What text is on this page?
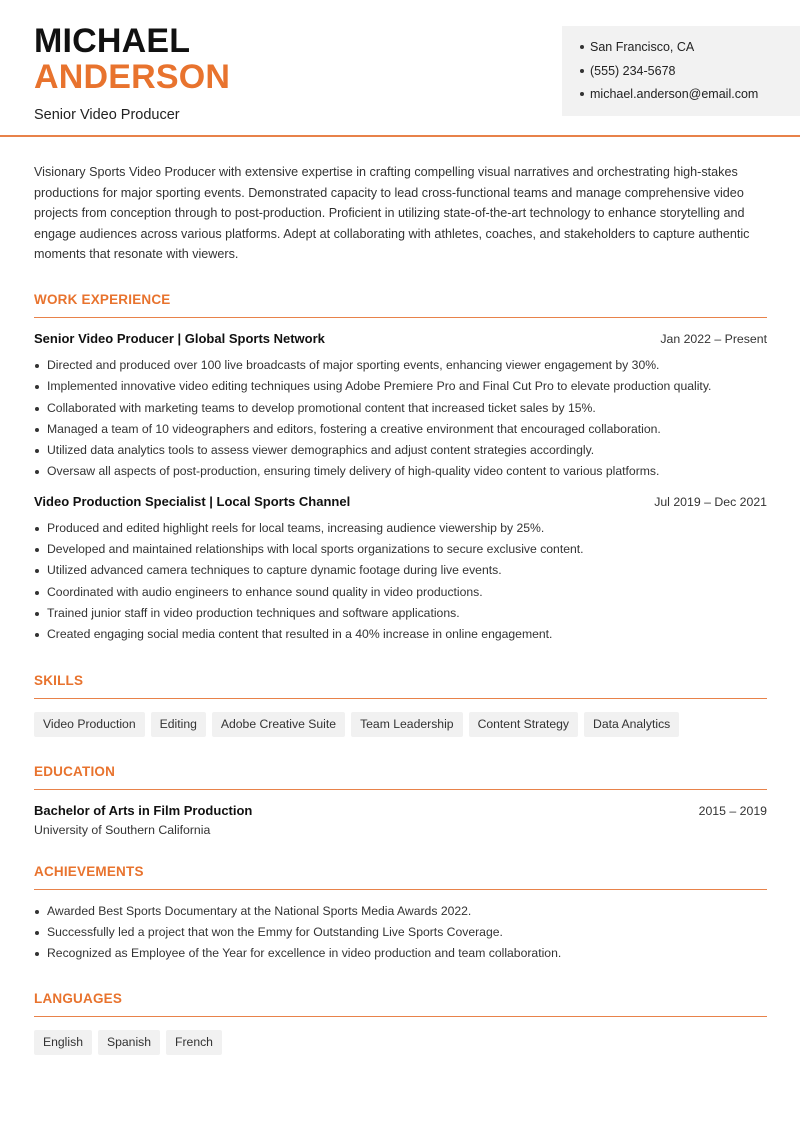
MICHAEL
ANDERSON
Senior Video Producer
San Francisco, CA
(555) 234-5678
michael.anderson@email.com

Visionary Sports Video Producer with extensive expertise in crafting compelling visual narratives and orchestrating high-stakes productions for major sporting events. Demonstrated capacity to lead cross-functional teams and manage comprehensive video projects from conception through to post-production. Proficient in utilizing state-of-the-art technology to enhance storytelling and engage audiences across various platforms. Adept at collaborating with athletes, coaches, and stakeholders to capture authentic moments that resonate with viewers.

WORK EXPERIENCE
Senior Video Producer | Global Sports Network	Jan 2022 – Present
Directed and produced over 100 live broadcasts of major sporting events, enhancing viewer engagement by 30%.
Implemented innovative video editing techniques using Adobe Premiere Pro and Final Cut Pro to elevate production quality.
Collaborated with marketing teams to develop promotional content that increased ticket sales by 15%.
Managed a team of 10 videographers and editors, fostering a creative environment that encouraged collaboration.
Utilized data analytics tools to assess viewer demographics and adjust content strategies accordingly.
Oversaw all aspects of post-production, ensuring timely delivery of high-quality video content to various platforms.
Video Production Specialist | Local Sports Channel	Jul 2019 – Dec 2021
Produced and edited highlight reels for local teams, increasing audience viewership by 25%.
Developed and maintained relationships with local sports organizations to secure exclusive content.
Utilized advanced camera techniques to capture dynamic footage during live events.
Coordinated with audio engineers to enhance sound quality in video productions.
Trained junior staff in video production techniques and software applications.
Created engaging social media content that resulted in a 40% increase in online engagement.
SKILLS
Video Production	Editing	Adobe Creative Suite	Team Leadership	Content Strategy	Data Analytics
EDUCATION
Bachelor of Arts in Film Production	2015 – 2019
University of Southern California
ACHIEVEMENTS
Awarded Best Sports Documentary at the National Sports Media Awards 2022.
Successfully led a project that won the Emmy for Outstanding Live Sports Coverage.
Recognized as Employee of the Year for excellence in video production and team collaboration.
LANGUAGES
English	Spanish	French
